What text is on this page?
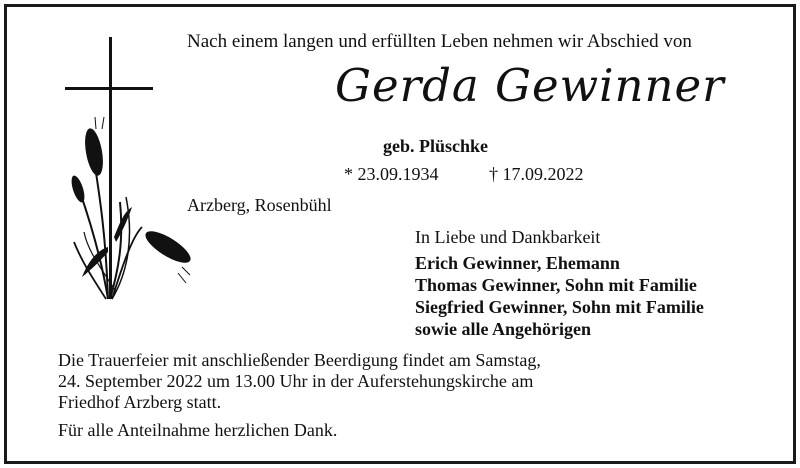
Nach einem langen und erfüllten Leben nehmen wir Abschied von
Gerda Gewinner
geb. Plüschke
* 23.09.1934	† 17.09.2022
Arzberg, Rosenbühl
In Liebe und Dankbarkeit
Erich Gewinner, Ehemann
Thomas Gewinner, Sohn mit Familie
Siegfried Gewinner, Sohn mit Familie
sowie alle Angehörigen
Die Trauerfeier mit anschließender Beerdigung findet am Samstag,
24. September 2022 um 13.00 Uhr in der Auferstehungskirche am
Friedhof Arzberg statt.
Für alle Anteilnahme herzlichen Dank.
